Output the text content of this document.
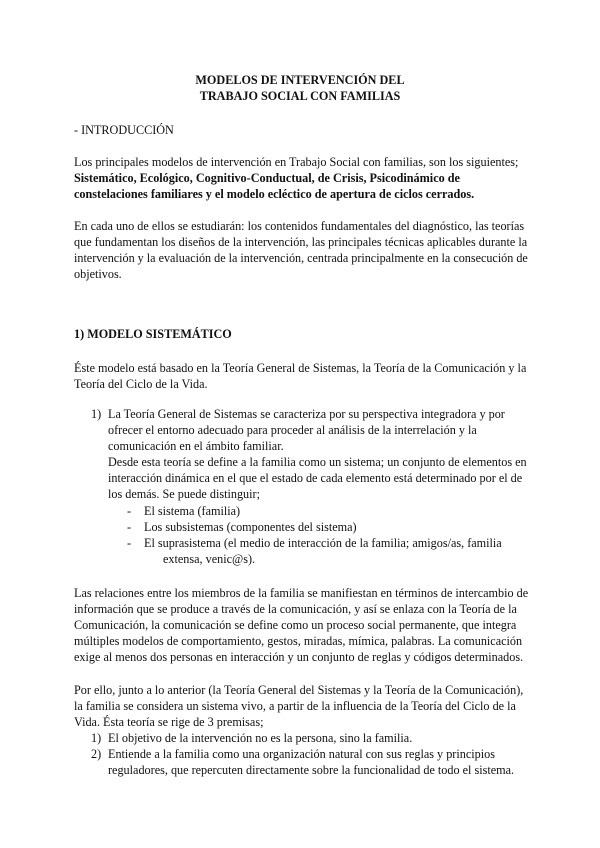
MODELOS DE INTERVENCIÓN DEL
TRABAJO SOCIAL CON FAMILIAS
- INTRODUCCIÓN
Los principales modelos de intervención en Trabajo Social con familias, son los siguientes;
Sistemático, Ecológico, Cognitivo-Conductual, de Crisis, Psicodinámico de
constelaciones familiares y el modelo ecléctico de apertura de ciclos cerrados.
En cada uno de ellos se estudiarán: los contenidos fundamentales del diagnóstico, las teorías
que fundamentan los diseños de la intervención, las principales técnicas aplicables durante la
intervención y la evaluación de la intervención, centrada principalmente en la consecución de
objetivos.
1) MODELO SISTEMÁTICO
Éste modelo está basado en la Teoría General de Sistemas, la Teoría de la Comunicación y la
Teoría del Ciclo de la Vida.
1) La Teoría General de Sistemas se caracteriza por su perspectiva integradora y por
ofrecer el entorno adecuado para proceder al análisis de la interrelación y la
comunicación en el ámbito familiar.
Desde esta teoría se define a la familia como un sistema; un conjunto de elementos en
interacción dinámica en el que el estado de cada elemento está determinado por el de
los demás. Se puede distinguir;
- El sistema (familia)
- Los subsistemas (componentes del sistema)
- El suprasistema (el medio de interacción de la familia; amigos/as, familia
extensa, venic@s).
Las relaciones entre los miembros de la familia se manifiestan en términos de intercambio de
información que se produce a través de la comunicación, y así se enlaza con la Teoría de la
Comunicación, la comunicación se define como un proceso social permanente, que integra
múltiples modelos de comportamiento, gestos, miradas, mímica, palabras. La comunicación
exige al menos dos personas en interacción y un conjunto de reglas y códigos determinados.
Por ello, junto a lo anterior (la Teoría General del Sistemas y la Teoría de la Comunicación),
la familia se considera un sistema vivo, a partir de la influencia de la Teoría del Ciclo de la
Vida. Ésta teoría se rige de 3 premisas;
1) El objetivo de la intervención no es la persona, sino la familia.
2) Entiende a la familia como una organización natural con sus reglas y principios
reguladores, que repercuten directamente sobre la funcionalidad de todo el sistema.
